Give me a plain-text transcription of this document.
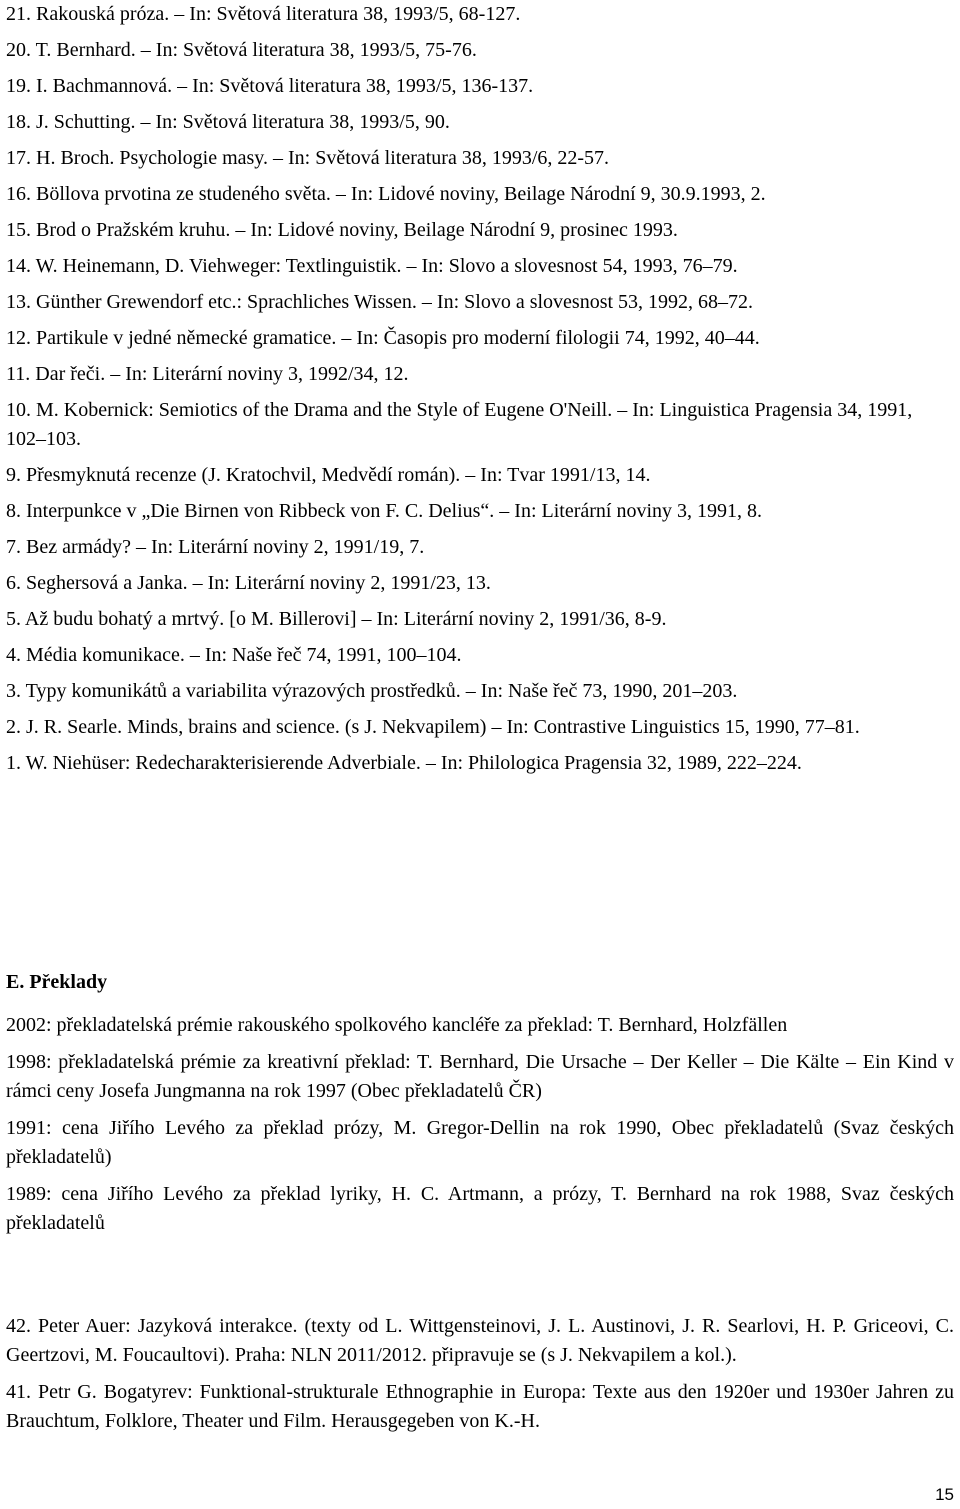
21. Rakouská próza. – In: Světová literatura 38, 1993/5, 68-127.

20. T. Bernhard. – In: Světová literatura 38, 1993/5, 75-76.

19. I. Bachmannová. – In: Světová literatura 38, 1993/5, 136-137.

18. J. Schutting. – In: Světová literatura 38, 1993/5, 90.

17. H. Broch. Psychologie masy. – In: Světová literatura 38, 1993/6, 22-57.

16. Böllova prvotina ze studeného světa. – In: Lidové noviny, Beilage Národní 9, 30.9.1993, 2.

15. Brod o Pražském kruhu. – In: Lidové noviny, Beilage Národní 9, prosinec 1993.

14. W. Heinemann, D. Viehweger: Textlinguistik. – In: Slovo a slovesnost 54, 1993, 76–79.

13. Günther Grewendorf etc.: Sprachliches Wissen. – In: Slovo a slovesnost 53, 1992, 68–72.

12. Partikule v jedné německé gramatice. – In: Časopis pro moderní filologii 74, 1992, 40–44.

11. Dar řeči. – In: Literární noviny 3, 1992/34, 12.

10. M. Kobernick: Semiotics of the Drama and the Style of Eugene O'Neill. – In: Linguistica Pragensia 34, 1991, 102–103.

9. Přesmyknutá recenze (J. Kratochvil, Medvědí román). – In: Tvar 1991/13, 14.

8. Interpunkce v „Die Birnen von Ribbeck von F. C. Delius“. – In: Literární noviny 3, 1991, 8.

7. Bez armády? – In: Literární noviny 2, 1991/19, 7.

6. Seghersová a Janka. – In: Literární noviny 2, 1991/23, 13.

5. Až budu bohatý a mrtvý. [o M. Billerovi] – In: Literární noviny 2, 1991/36, 8-9.

4. Média komunikace. – In: Naše řeč 74, 1991, 100–104.

3. Typy komunikátů a variabilita výrazových prostředků. – In: Naše řeč 73, 1990, 201–203.

2. J. R. Searle. Minds, brains and science. (s J. Nekvapilem) – In: Contrastive Linguistics 15, 1990, 77–81.

1. W. Niehüser: Redecharakterisierende Adverbiale. – In: Philologica Pragensia 32, 1989, 222–224.

E. Překlady

2002: překladatelská prémie rakouského spolkového kancléře za překlad: T. Bernhard, Holzfällen

1998: překladatelská prémie za kreativní překlad: T. Bernhard, Die Ursache – Der Keller – Die Kälte – Ein Kind v rámci ceny Josefa Jungmanna na rok 1997 (Obec překladatelů ČR)

1991: cena Jiřího Levého za překlad prózy, M. Gregor-Dellin na rok 1990, Obec překladatelů (Svaz českých překladatelů)

1989: cena Jiřího Levého za překlad lyriky, H. C. Artmann, a prózy, T. Bernhard na rok 1988, Svaz českých překladatelů

42. Peter Auer: Jazyková interakce. (texty od L. Wittgensteinovi, J. L. Austinovi, J. R. Searlovi, H. P. Griceovi, C. Geertzovi, M. Foucaultovi). Praha: NLN 2011/2012. připravuje se (s J. Nekvapilem a kol.).

41. Petr G. Bogatyrev: Funktional-strukturale Ethnographie in Europa: Texte aus den 1920er und 1930er Jahren zu Brauchtum, Folklore, Theater und Film. Herausgegeben von K.-H.

15
